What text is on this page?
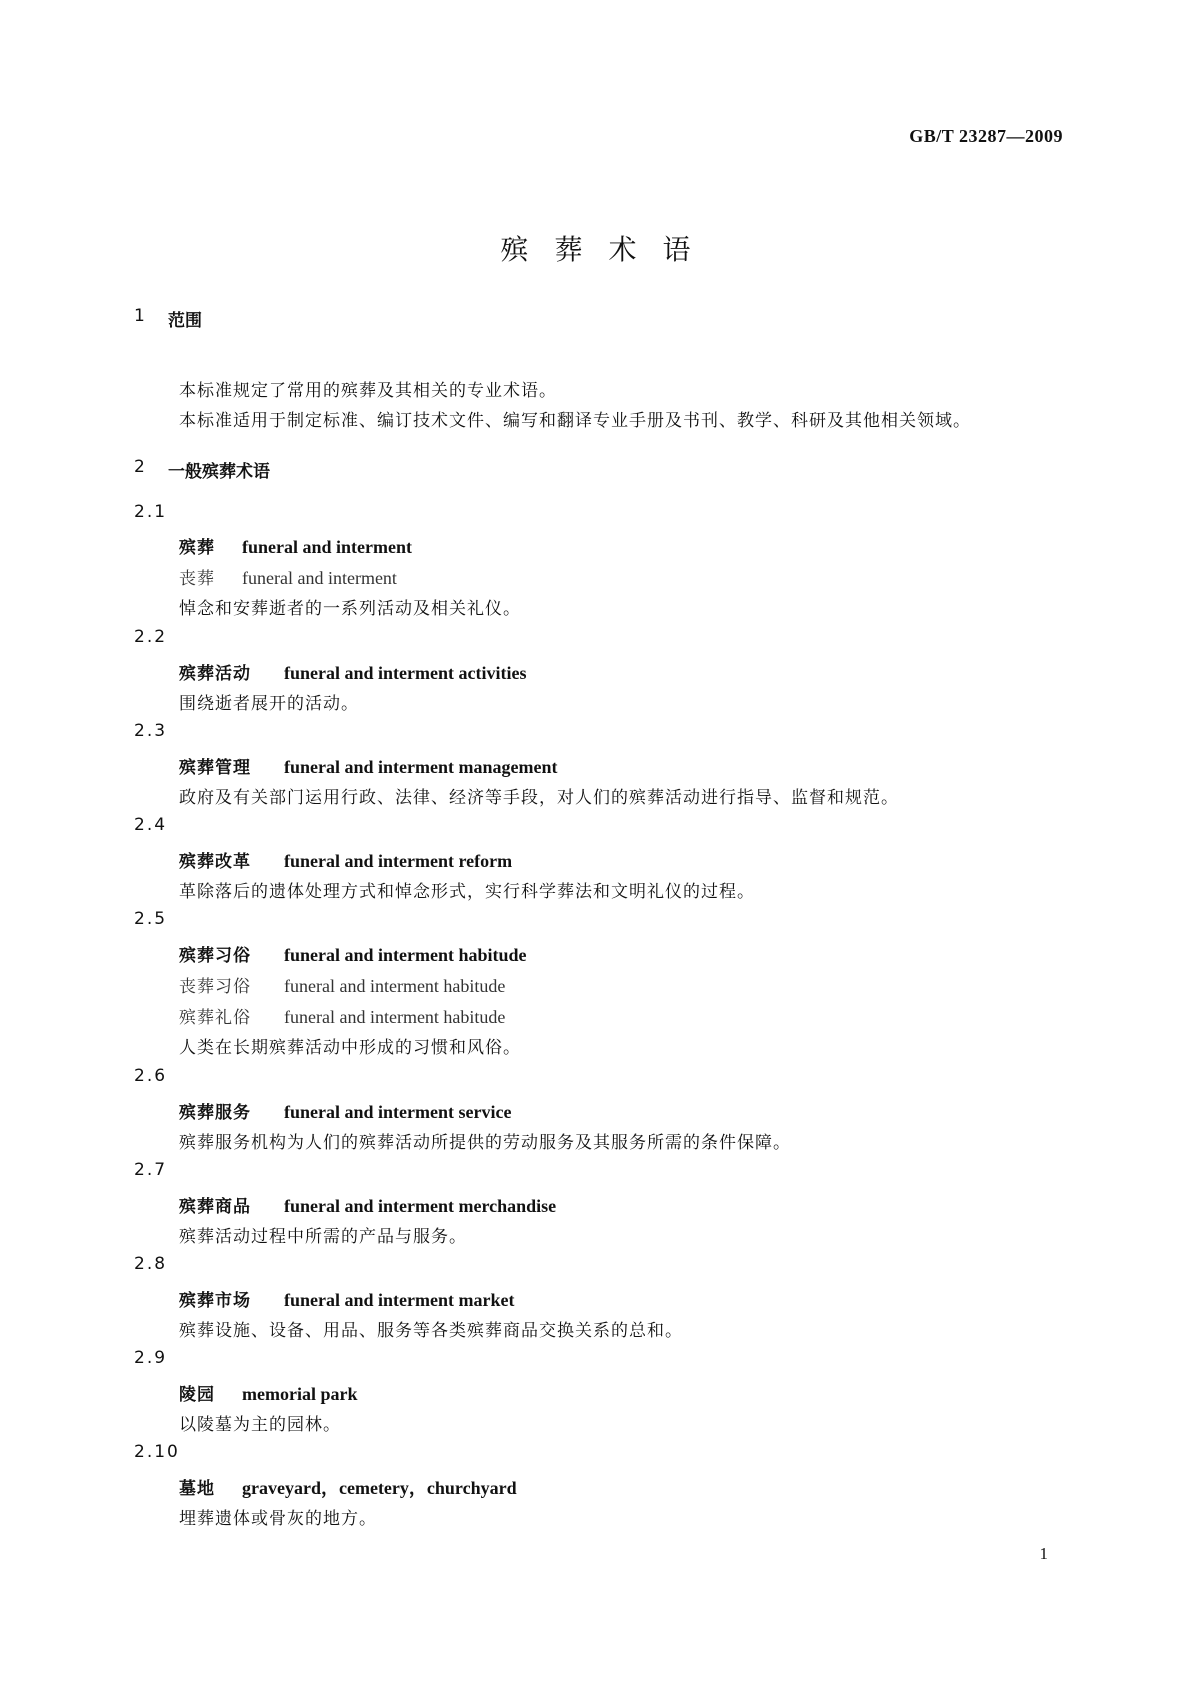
GB/T 23287—2009
殡葬术语
1 范围
本标准规定了常用的殡葬及其相关的专业术语。
本标准适用于制定标准、编订技术文件、编写和翻译专业手册及书刊、教学、科研及其他相关领域。
2 一般殡葬术语
2.1
殡葬 funeral and interment
丧葬 funeral and interment
悼念和安葬逝者的一系列活动及相关礼仪。
2.2
殡葬活动 funeral and interment activities
围绕逝者展开的活动。
2.3
殡葬管理 funeral and interment management
政府及有关部门运用行政、法律、经济等手段，对人们的殡葬活动进行指导、监督和规范。
2.4
殡葬改革 funeral and interment reform
革除落后的遗体处理方式和悼念形式，实行科学葬法和文明礼仪的过程。
2.5
殡葬习俗 funeral and interment habitude
丧葬习俗 funeral and interment habitude
殡葬礼俗 funeral and interment habitude
人类在长期殡葬活动中形成的习惯和风俗。
2.6
殡葬服务 funeral and interment service
殡葬服务机构为人们的殡葬活动所提供的劳动服务及其服务所需的条件保障。
2.7
殡葬商品 funeral and interment merchandise
殡葬活动过程中所需的产品与服务。
2.8
殡葬市场 funeral and interment market
殡葬设施、设备、用品、服务等各类殡葬商品交换关系的总和。
2.9
陵园 memorial park
以陵墓为主的园林。
2.10
墓地 graveyard，cemetery，churchyard
埋葬遗体或骨灰的地方。
1
